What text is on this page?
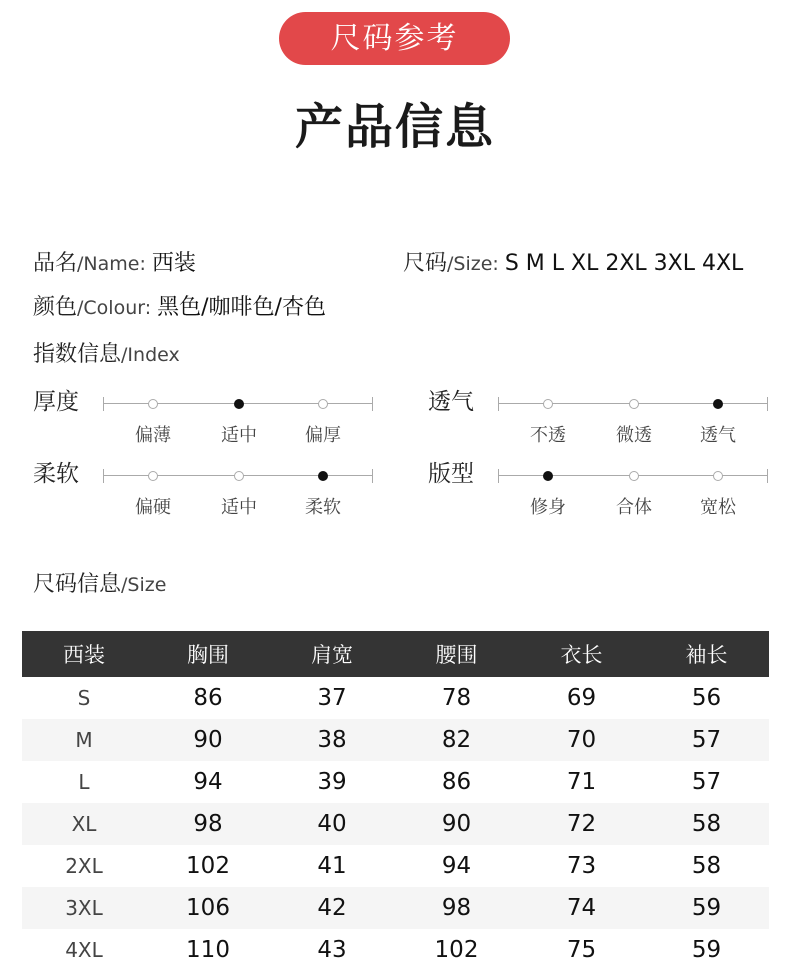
尺码参考
产品信息
品名/Name: 西装	尺码/Size: S M L XL 2XL 3XL 4XL
颜色/Colour: 黑色/咖啡色/杏色
指数信息/Index
厚度
偏薄	适中	偏厚
透气
不透	微透	透气
柔软
偏硬	适中	柔软
版型
修身	合体	宽松
尺码信息/Size
西装	胸围	肩宽	腰围	衣长	袖长
S	86	37	78	69	56
M	90	38	82	70	57
L	94	39	86	71	57
XL	98	40	90	72	58
2XL	102	41	94	73	58
3XL	106	42	98	74	59
4XL	110	43	102	75	59
